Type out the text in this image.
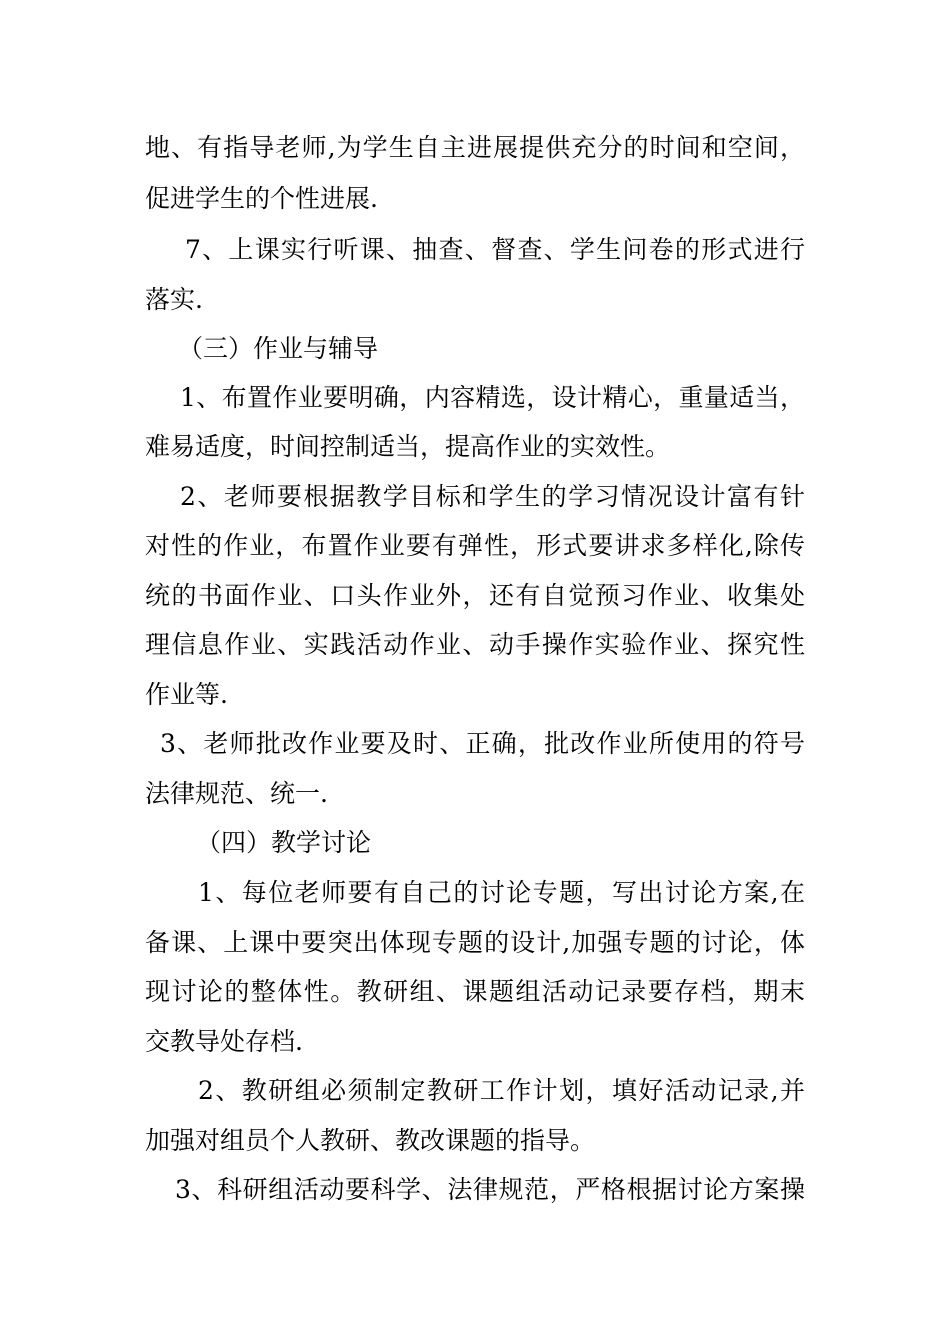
地、有指导老师,为学生自主进展提供充分的时间和空间，
促进学生的个性进展.
7、上课实行听课、抽查、督查、学生问卷的形式进行
落实.
（三）作业与辅导
1、布置作业要明确，内容精选，设计精心，重量适当，
难易适度，时间控制适当，提高作业的实效性。
2、老师要根据教学目标和学生的学习情况设计富有针
对性的作业，布置作业要有弹性，形式要讲求多样化,除传
统的书面作业、口头作业外，还有自觉预习作业、收集处
理信息作业、实践活动作业、动手操作实验作业、探究性
作业等.
3、老师批改作业要及时、正确，批改作业所使用的符号
法律规范、统一.
（四）教学讨论
1、每位老师要有自己的讨论专题，写出讨论方案,在
备课、上课中要突出体现专题的设计,加强专题的讨论，体
现讨论的整体性。教研组、课题组活动记录要存档，期末
交教导处存档.
2、教研组必须制定教研工作计划，填好活动记录,并
加强对组员个人教研、教改课题的指导。
3、科研组活动要科学、法律规范，严格根据讨论方案操
